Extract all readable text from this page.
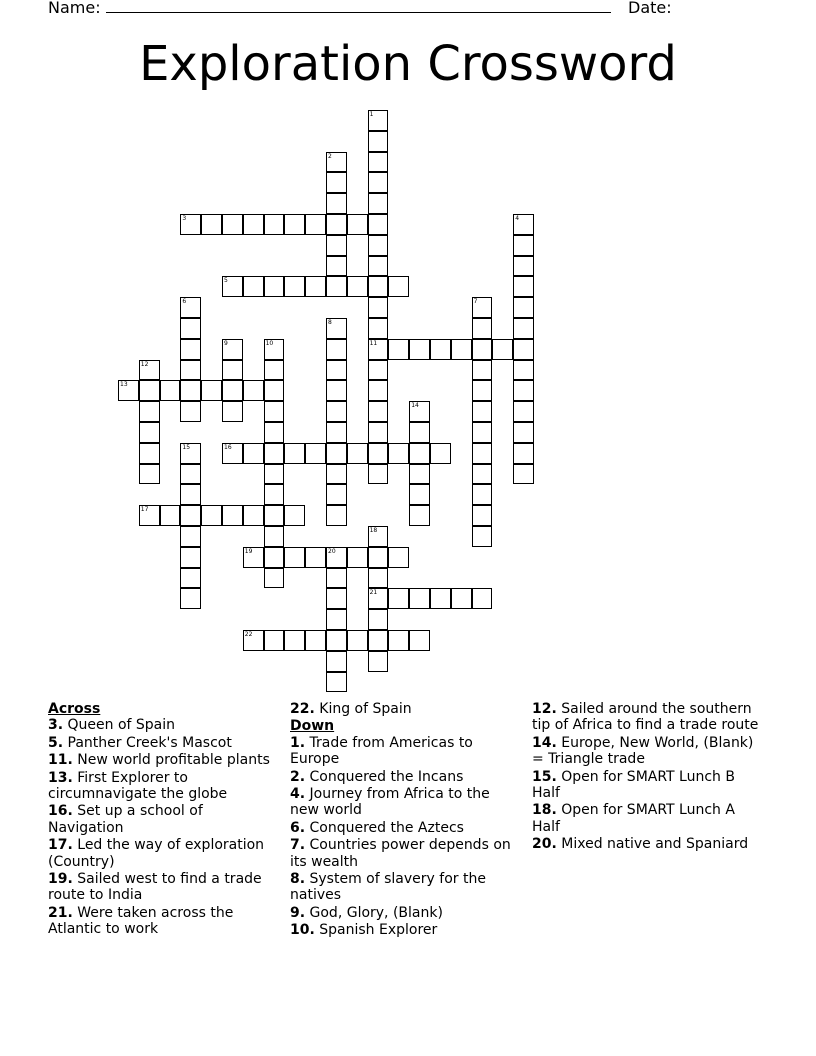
Name:	Date:
Exploration Crossword
1
11
2
3	4
5
6	7
8
9	10
12
13
14
15	16
17
18
21
19	20
22
Across
3. Queen of Spain
5. Panther Creek's Mascot
11. New world profitable plants
13. First Explorer to circumnavigate the globe
16. Set up a school of Navigation
17. Led the way of exploration (Country)
19. Sailed west to find a trade route to India
21. Were taken across the Atlantic to work
22. King of Spain
Down
1. Trade from Americas to Europe
2. Conquered the Incans
4. Journey from Africa to the new world
6. Conquered the Aztecs
7. Countries power depends on its wealth
8. System of slavery for the natives
9. God, Glory, (Blank)
10. Spanish Explorer
12. Sailed around the southern tip of Africa to find a trade route
14. Europe, New World, (Blank) = Triangle trade
15. Open for SMART Lunch B Half
18. Open for SMART Lunch A Half
20. Mixed native and Spaniard
